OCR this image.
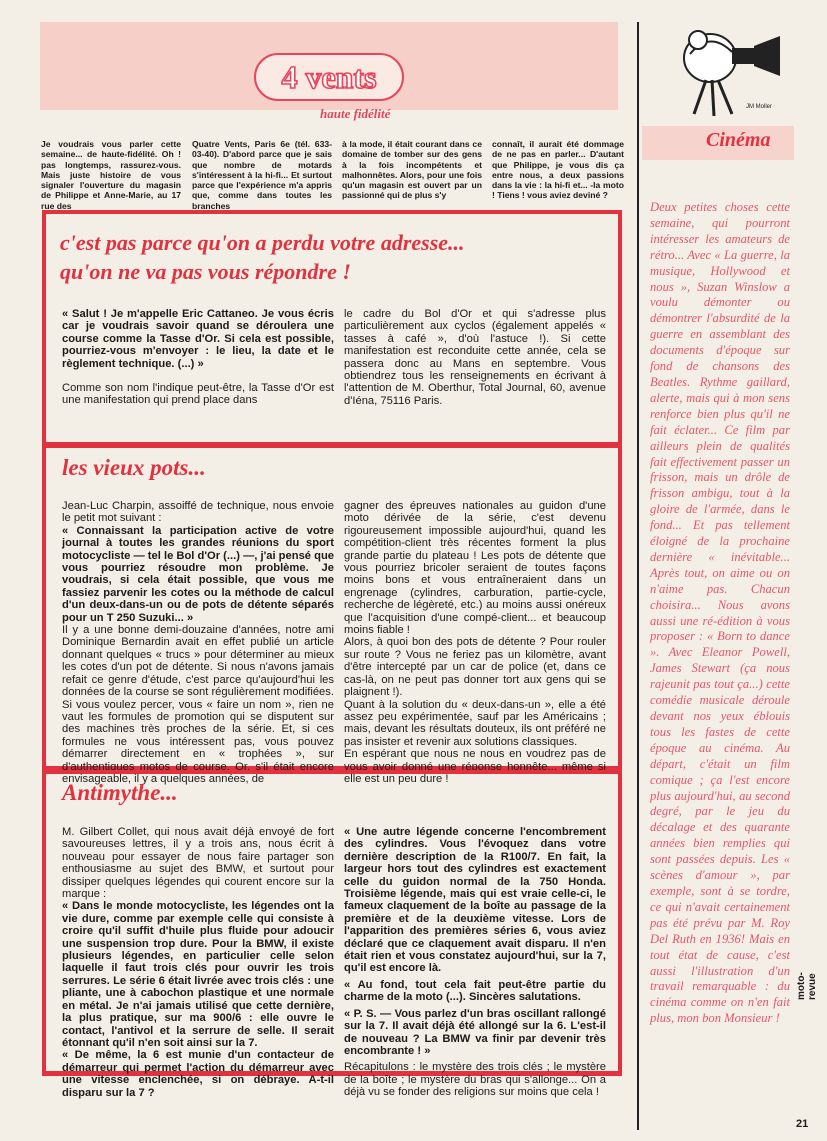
4 vents
haute fidélité
Je voudrais vous parler cette semaine... de haute-fidélité. Oh ! pas longtemps, rassurez-vous. Mais juste histoire de vous signaler l'ouverture du magasin de Philippe et Anne-Marie, au 17 rue des
Quatre Vents, Paris 6e (tél. 633-03-40). D'abord parce que je sais que nombre de motards s'intéressent à la hi-fi... Et surtout parce que l'expérience m'a appris que, comme dans toutes les branches
à la mode, il était courant dans ce domaine de tomber sur des gens à la fois incompétents et malhonnêtes. Alors, pour une fois qu'un magasin est ouvert par un passionné qui de plus s'y
connaît, il aurait été dommage de ne pas en parler... D'autant que Philippe, je vous dis ça entre nous, a deux passions dans la vie : la hi-fi et... -la moto ! Tiens ! vous aviez deviné ?
c'est pas parce qu'on a perdu votre adresse...
qu'on ne va pas vous répondre !

« Salut ! Je m'appelle Eric Cattaneo. Je vous écris car je voudrais savoir quand se déroulera une course comme la Tasse d'Or. Si cela est possible, pourriez-vous m'envoyer : le lieu, la date et le règlement technique. (...) »

Comme son nom l'indique peut-être, la Tasse d'Or est une manifestation qui prend place dans

le cadre du Bol d'Or et qui s'adresse plus particulièrement aux cyclos (également appelés « tasses à café », d'où l'astuce !). Si cette manifestation est reconduite cette année, cela se passera donc au Mans en septembre. Vous obtiendrez tous les renseignements en écrivant à l'attention de M. Oberthur, Total Journal, 60, avenue d'Iéna, 75116 Paris.

les vieux pots...

Jean-Luc Charpin, assoiffé de technique, nous envoie le petit mot suivant :

« Connaissant la participation active de votre journal à toutes les grandes réunions du sport motocycliste — tel le Bol d'Or (...) —, j'ai pensé que vous pourriez résoudre mon problème. Je voudrais, si cela était possible, que vous me fassiez parvenir les cotes ou la méthode de calcul d'un deux-dans-un ou de pots de détente séparés pour un T 250 Suzuki... »

Il y a une bonne demi-douzaine d'années, notre ami Dominique Bernardin avait en effet publié un article donnant quelques « trucs » pour déterminer au mieux les cotes d'un pot de détente. Si nous n'avons jamais refait ce genre d'étude, c'est parce qu'aujourd'hui les données de la course se sont régulièrement modifiées. Si vous voulez percer, vous « faire un nom », rien ne vaut les formules de promotion qui se disputent sur des machines très proches de la série. Et, si ces formules ne vous intéressent pas, vous pouvez démarrer directement en « trophées », sur d'authentiques motos de course. Or, s'il était encore envisageable, il y a quelques années, de

gagner des épreuves nationales au guidon d'une moto dérivée de la série, c'est devenu rigoureusement impossible aujourd'hui, quand les compétition-client très récentes forment la plus grande partie du plateau ! Les pots de détente que vous pourriez bricoler seraient de toutes façons moins bons et vous entraîneraient dans un engrenage (cylindres, carburation, partie-cycle, recherche de légèreté, etc.) au moins aussi onéreux que l'acquisition d'une compé-client... et beaucoup moins fiable !

Alors, à quoi bon des pots de détente ? Pour rouler sur route ? Vous ne feriez pas un kilomètre, avant d'être intercepté par un car de police (et, dans ce cas-là, on ne peut pas donner tort aux gens qui se plaignent !).

Quant à la solution du « deux-dans-un », elle a été assez peu expérimentée, sauf par les Américains ; mais, devant les résultats douteux, ils ont préféré ne pas insister et revenir aux solutions classiques.

En espérant que nous ne nous en voudrez pas de vous avoir donné une réponse honnête... même si elle est un peu dure !

Antimythe...

M. Gilbert Collet, qui nous avait déjà envoyé de fort savoureuses lettres, il y a trois ans, nous écrit à nouveau pour essayer de nous faire partager son enthousiasme au sujet des BMW, et surtout pour dissiper quelques légendes qui courent encore sur la marque :

« Dans le monde motocycliste, les légendes ont la vie dure, comme par exemple celle qui consiste à croire qu'il suffit d'huile plus fluide pour adoucir une suspension trop dure. Pour la BMW, il existe plusieurs légendes, en particulier celle selon laquelle il faut trois clés pour ouvrir les trois serrures. Le série 6 était livrée avec trois clés : une pliante, une à cabochon plastique et une normale en métal. Je n'ai jamais utilisé que cette dernière, la plus pratique, sur ma 900/6 : elle ouvre le contact, l'antivol et la serrure de selle. Il serait étonnant qu'il n'en soit ainsi sur la 7.

« De même, la 6 est munie d'un contacteur de démarreur qui permet l'action du démarreur avec une vitesse enclenchée, si on débraye. A-t-il disparu sur la 7 ?

« Une autre légende concerne l'encombrement des cylindres. Vous l'évoquez dans votre dernière description de la R100/7. En fait, la largeur hors tout des cylindres est exactement celle du guidon normal de la 750 Honda. Troisième légende, mais qui est vraie celle-ci, le fameux claquement de la boîte au passage de la première et de la deuxième vitesse. Lors de l'apparition des premières séries 6, vous aviez déclaré que ce claquement avait disparu. Il n'en était rien et vous constatez aujourd'hui, sur la 7, qu'il est encore là.

« Au fond, tout cela fait peut-être partie du charme de la moto (...). Sincères salutations.

« P. S. — Vous parlez d'un bras oscillant rallongé sur la 7. Il avait déjà été allongé sur la 6. L'est-il de nouveau ? La BMW va finir par devenir très encombrante ! »

Récapitulons : le mystère des trois clés ; le mystère de la boîte ; le mystère du bras qui s'allonge... On a déjà vu se fonder des religions sur moins que cela !

JM Moller
Cinéma
Deux petites choses cette semaine, qui pourront intéresser les amateurs de rétro... Avec « La guerre, la musique, Hollywood et nous », Suzan Winslow a voulu démonter ou démontrer l'absurdité de la guerre en assemblant des documents d'époque sur fond de chansons des Beatles. Rythme gaillard, alerte, mais qui à mon sens renforce bien plus qu'il ne fait éclater... Ce film par ailleurs plein de qualités fait effectivement passer un frisson, mais un drôle de frisson ambigu, tout à la gloire de l'armée, dans le fond... Et pas tellement éloigné de la prochaine dernière « inévitable... Après tout, on aime ou on n'aime pas. Chacun choisira... Nous avons aussi une ré-édition à vous proposer : « Born to dance ». Avec Eleanor Powell, James Stewart (ça nous rajeunit pas tout ça...) cette comédie musicale déroule devant nos yeux éblouis tous les fastes de cette époque au cinéma. Au départ, c'était un film comique ; ça l'est encore plus aujourd'hui, au second degré, par le jeu du décalage et des quarante années bien remplies qui sont passées depuis. Les « scènes d'amour », par exemple, sont à se tordre, ce qui n'avait certainement pas été prévu par M. Roy Del Ruth en 1936! Mais en tout état de cause, c'est aussi l'illustration d'un travail remarquable : du cinéma comme on n'en fait plus, mon bon Monsieur !
moto-revue
21
